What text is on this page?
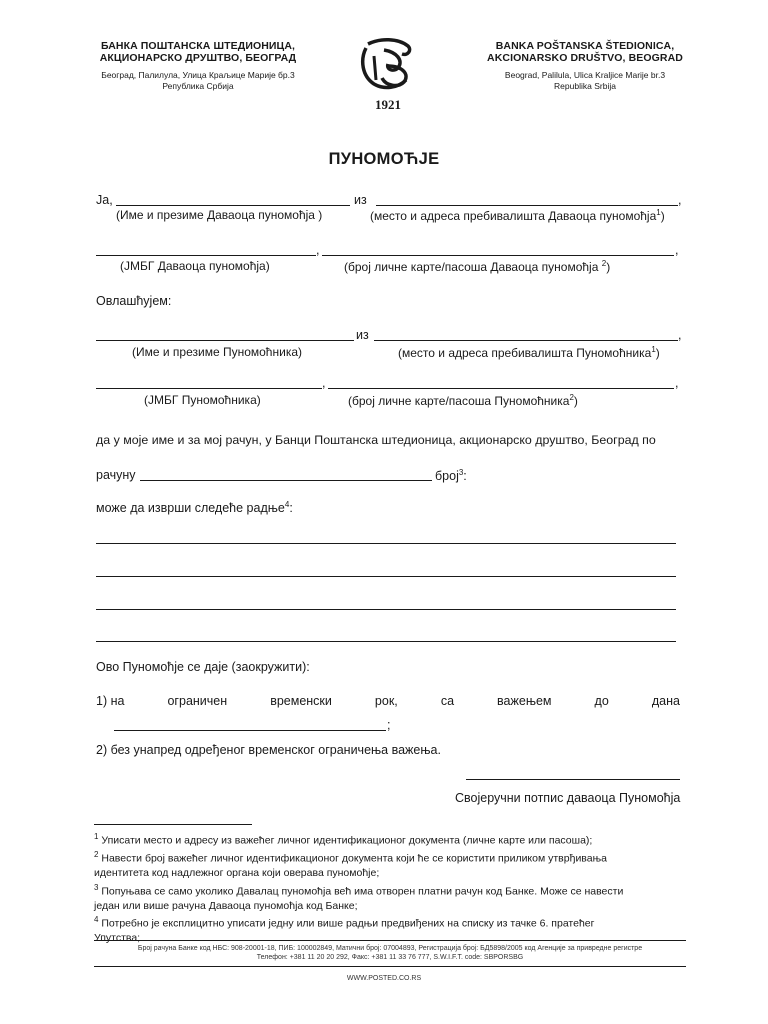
БАНКА ПОШТАНСКА ШТЕДИОНИЦА,
АКЦИОНАРСКО ДРУШТВО, БЕОГРАД
Београд, Палилула, Улица Краљице Марије бр.3
Република Србија
1921
BANKA POŠTANSKA ŠTEDIONICA,
AKCIONARSKO DRUŠTVO, BEOGRAD
Beograd, Palilula, Ulica Kraljice Marije br.3
Republika Srbija
ПУНОМОЋЈЕ
Ja,	из	,
(Име и презиме Даваоца пуномоћја )	(место и адреса пребивалишта Даваоца пуномоћја$^1$)
,	,
(ЈМБГ Даваоца пуномоћја)	(број личне карте/пасоша Даваоца пуномоћја $^2$)
Овлашћујем:
из	,
(Име и презиме Пуномоћника)	(место и адреса пребивалишта Пуномоћника$^1$)
,	,
(ЈМБГ Пуномоћника)	(број личне карте/пасоша Пуномоћника$^2$)
да у моје име и за мој рачун, у Банци Поштанска штедионица, акционарско друштво, Београд по
рачуну	број$^3$:
може да изврши следеће радње$^4$:
Ово Пуномоћје се даје (заокружити):
1) на	ограничен	временски	рок,	са	важењем	до	дана
;
2) без унапред одређеног временског ограничења важења.
Својеручни потпис даваоца Пуномоћја
$^1$ Уписати место и адресу из важећег личног идентификационог документа (личне карте или пасоша);
$^2$ Навести број важећег личног идентификационог документа који ће се користити приликом утврђивања
идентитета код надлежног органа који оверава пуномоћје;
$^3$ Попуњава се само уколико Давалац пуномоћја већ има отворен платни рачун код Банке. Може се навести
један или више рачуна Даваоца пуномоћја код Банке;
$^4$ Потребно је експлицитно уписати једну или више радњи предвиђених на списку из тачке 6. пратећег
Упутства;
Број рачуна Банке код НБС: 908-20001-18, ПИБ: 100002849, Матични број: 07004893, Регистрација број: БД5898/2005 код Агенције за привредне регистре
Телефон: +381 11 20 20 292, Факс: +381 11 33 76 777, S.W.I.F.T. code: SBPORSBG
WWW.POSTED.CO.RS
